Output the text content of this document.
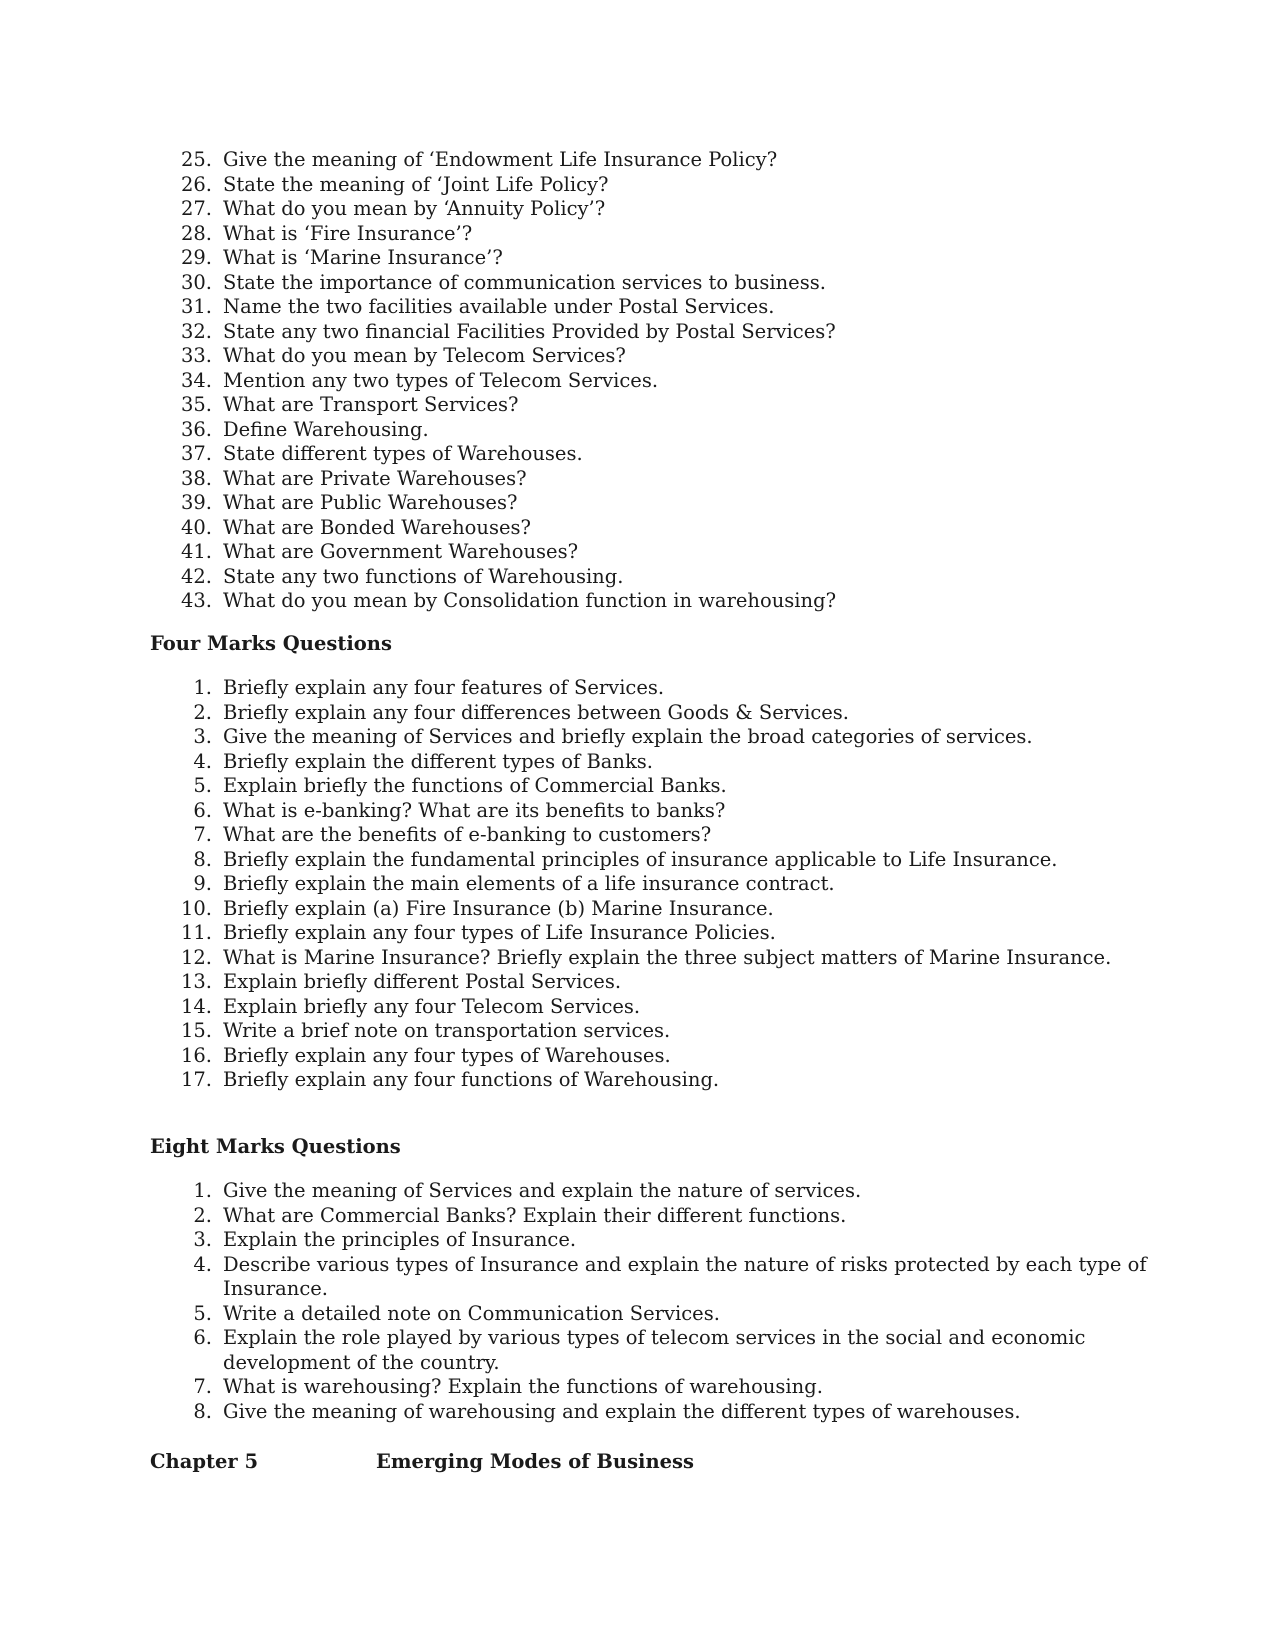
25. Give the meaning of ‘Endowment Life Insurance Policy?
26. State the meaning of ‘Joint Life Policy?
27. What do you mean by ‘Annuity Policy’?
28. What is ‘Fire Insurance’?
29. What is ‘Marine Insurance’?
30. State the importance of communication services to business.
31. Name the two facilities available under Postal Services.
32. State any two financial Facilities Provided by Postal Services?
33. What do you mean by Telecom Services?
34. Mention any two types of Telecom Services.
35. What are Transport Services?
36. Define Warehousing.
37. State different types of Warehouses.
38. What are Private Warehouses?
39. What are Public Warehouses?
40. What are Bonded Warehouses?
41. What are Government Warehouses?
42. State any two functions of Warehousing.
43. What do you mean by Consolidation function in warehousing?
Four Marks Questions
1. Briefly explain any four features of Services.
2. Briefly explain any four differences between Goods & Services.
3. Give the meaning of Services and briefly explain the broad categories of services.
4. Briefly explain the different types of Banks.
5. Explain briefly the functions of Commercial Banks.
6. What is e-banking? What are its benefits to banks?
7. What are the benefits of e-banking to customers?
8. Briefly explain the fundamental principles of insurance applicable to Life Insurance.
9. Briefly explain the main elements of a life insurance contract.
10. Briefly explain (a) Fire Insurance (b) Marine Insurance.
11. Briefly explain any four types of Life Insurance Policies.
12. What is Marine Insurance? Briefly explain the three subject matters of Marine Insurance.
13. Explain briefly different Postal Services.
14. Explain briefly any four Telecom Services.
15. Write a brief note on transportation services.
16. Briefly explain any four types of Warehouses.
17. Briefly explain any four functions of Warehousing.
Eight Marks Questions
1. Give the meaning of Services and explain the nature of services.
2. What are Commercial Banks? Explain their different functions.
3. Explain the principles of Insurance.
4. Describe various types of Insurance and explain the nature of risks protected by each type of Insurance.
5. Write a detailed note on Communication Services.
6. Explain the role played by various types of telecom services in the social and economic development of the country.
7. What is warehousing? Explain the functions of warehousing.
8. Give the meaning of warehousing and explain the different types of warehouses.
Chapter 5	Emerging Modes of Business
